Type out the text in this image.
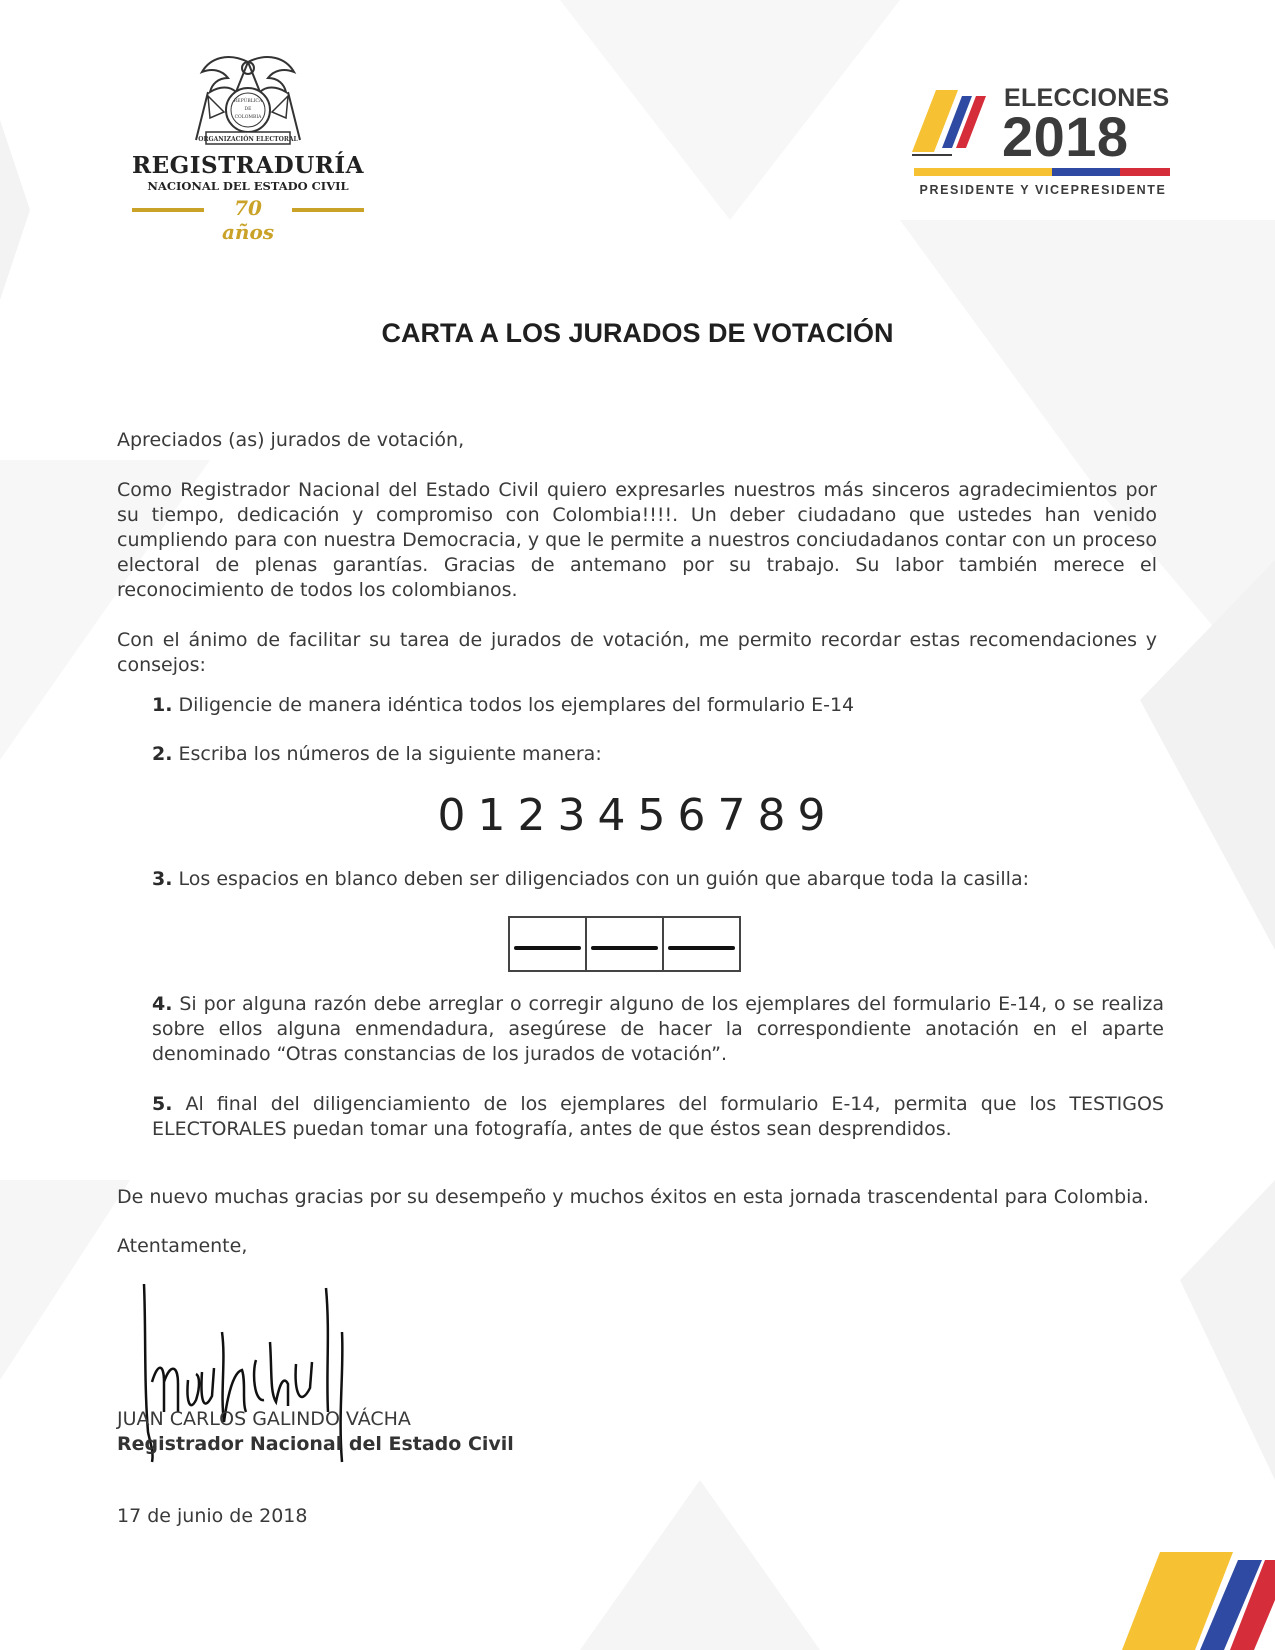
REPÚBLICA
DE
COLOMBIA
ORGANIZACIÓN ELECTORAL
REGISTRADURÍA
NACIONAL DEL ESTADO CIVIL
70 años
ELECCIONES
2018
PRESIDENTE Y VICEPRESIDENTE
CARTA A LOS JURADOS DE VOTACIÓN
Apreciados (as) jurados de votación,
Como Registrador Nacional del Estado Civil quiero expresarles nuestros más sinceros agradecimientos por su tiempo, dedicación y compromiso con Colombia!!!!. Un deber ciudadano que ustedes han venido cumpliendo para con nuestra Democracia, y que le permite a nuestros conciudadanos contar con un proceso electoral de plenas garantías. Gracias de antemano por su trabajo. Su labor también merece el reconocimiento de todos los colombianos.
Con el ánimo de facilitar su tarea de jurados de votación, me permito recordar estas recomendaciones y consejos:
1. Diligencie de manera idéntica todos los ejemplares del formulario E-14
2. Escriba los números de la siguiente manera:
0123456789
3. Los espacios en blanco deben ser diligenciados con un guión que abarque toda la casilla:
4. Si por alguna razón debe arreglar o corregir alguno de los ejemplares del formulario E-14, o se realiza sobre ellos alguna enmendadura, asegúrese de hacer la correspondiente anotación en el aparte denominado “Otras constancias de los jurados de votación”.
5. Al final del diligenciamiento de los ejemplares del formulario E-14, permita que los TESTIGOS ELECTORALES puedan tomar una fotografía, antes de que éstos sean desprendidos.
De nuevo muchas gracias por su desempeño y muchos éxitos en esta jornada trascendental para Colombia.
Atentamente,
JUAN CARLOS GALINDO VÁCHA
Registrador Nacional del Estado Civil
17 de junio de 2018
